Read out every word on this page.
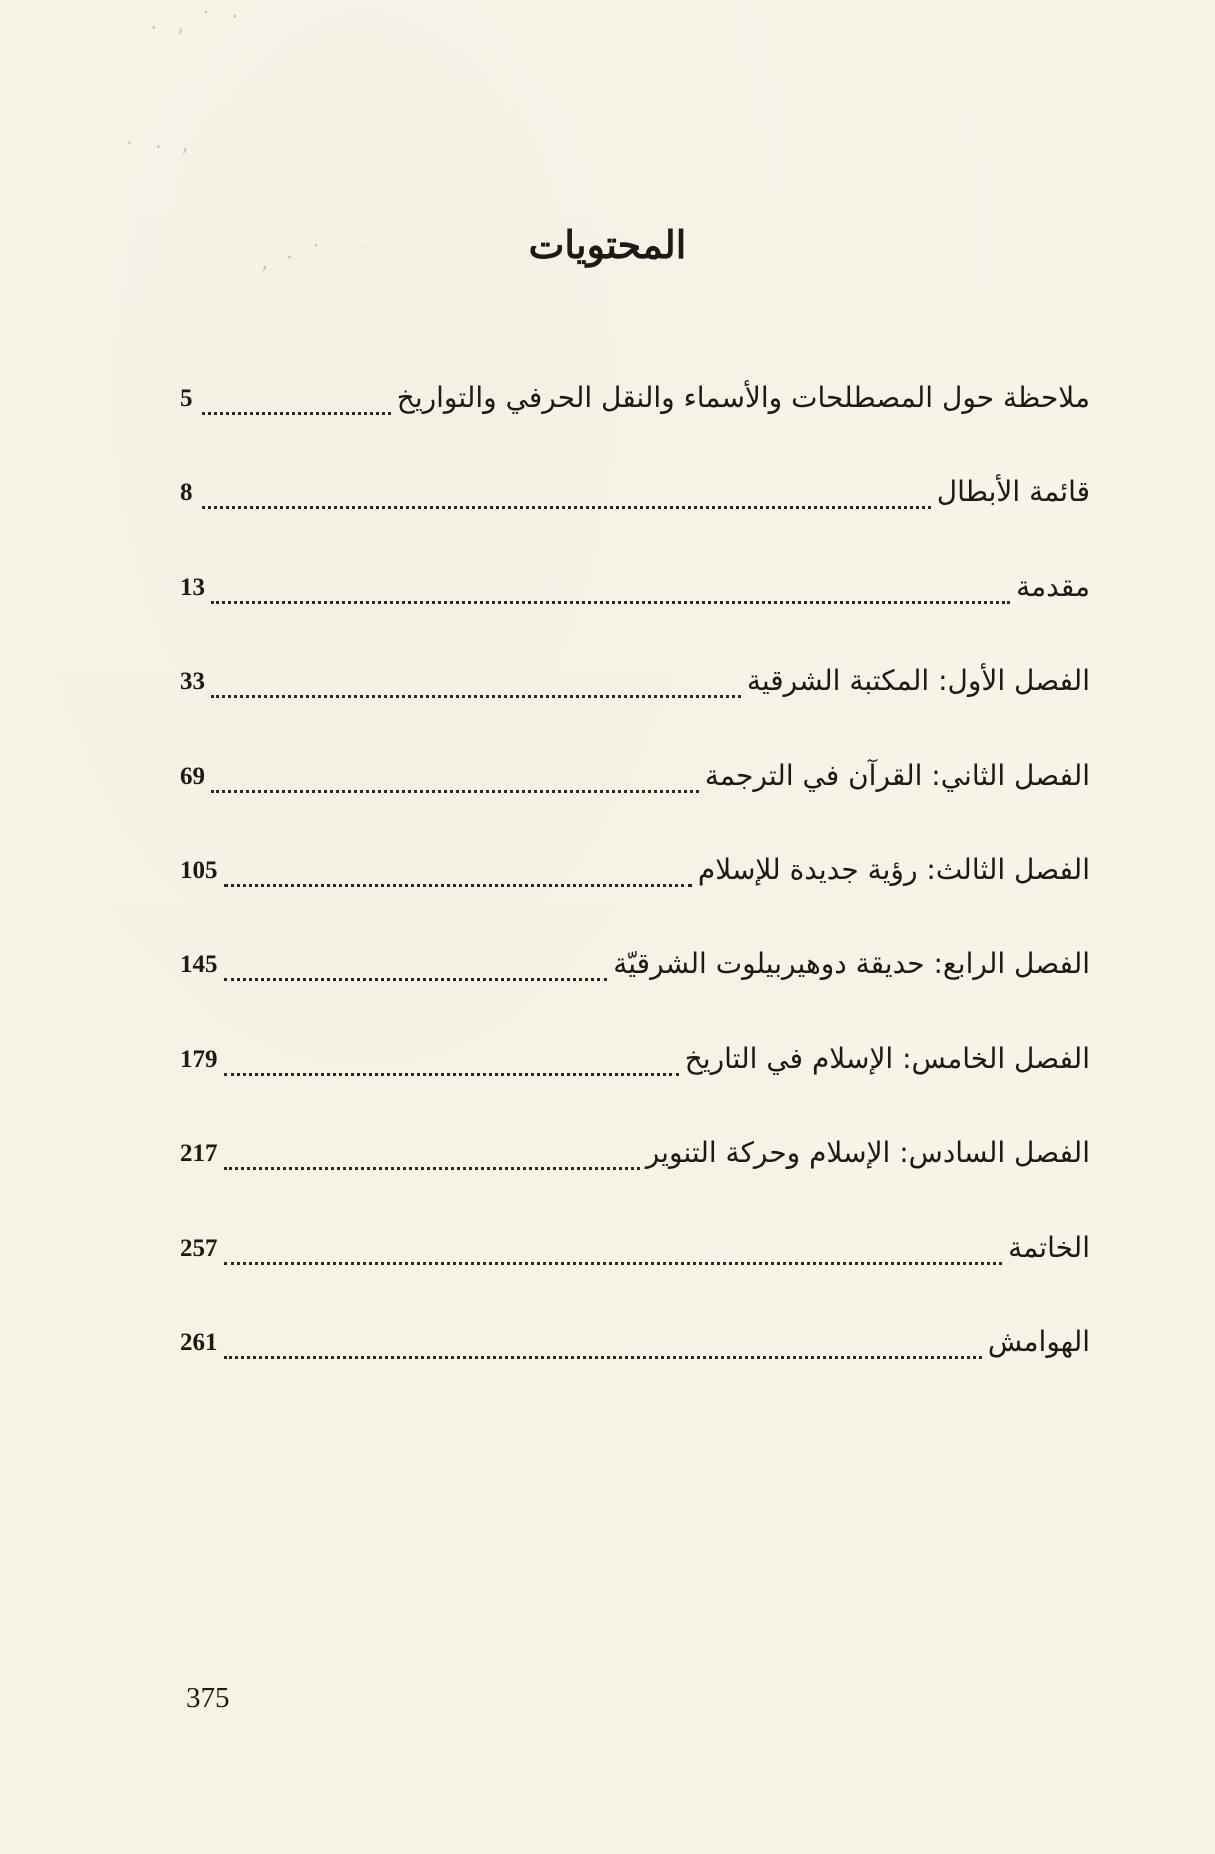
· ‚ ˙ ·
˙ · ‚
‚ · ˙	المحتويات
ملاحظة حول المصطلحات والأسماء والنقل الحرفي والتواريخ
5
قائمة الأبطال
8
مقدمة
13
الفصل الأول: المكتبة الشرقية
33
الفصل الثاني: القرآن في الترجمة
69
الفصل الثالث: رؤية جديدة للإسلام
105
الفصل الرابع: حديقة دوهيربيلوت الشرقيّة
145
الفصل الخامس: الإسلام في التاريخ
179
الفصل السادس: الإسلام وحركة التنوير
217
الخاتمة
257
الهوامش
261

375
